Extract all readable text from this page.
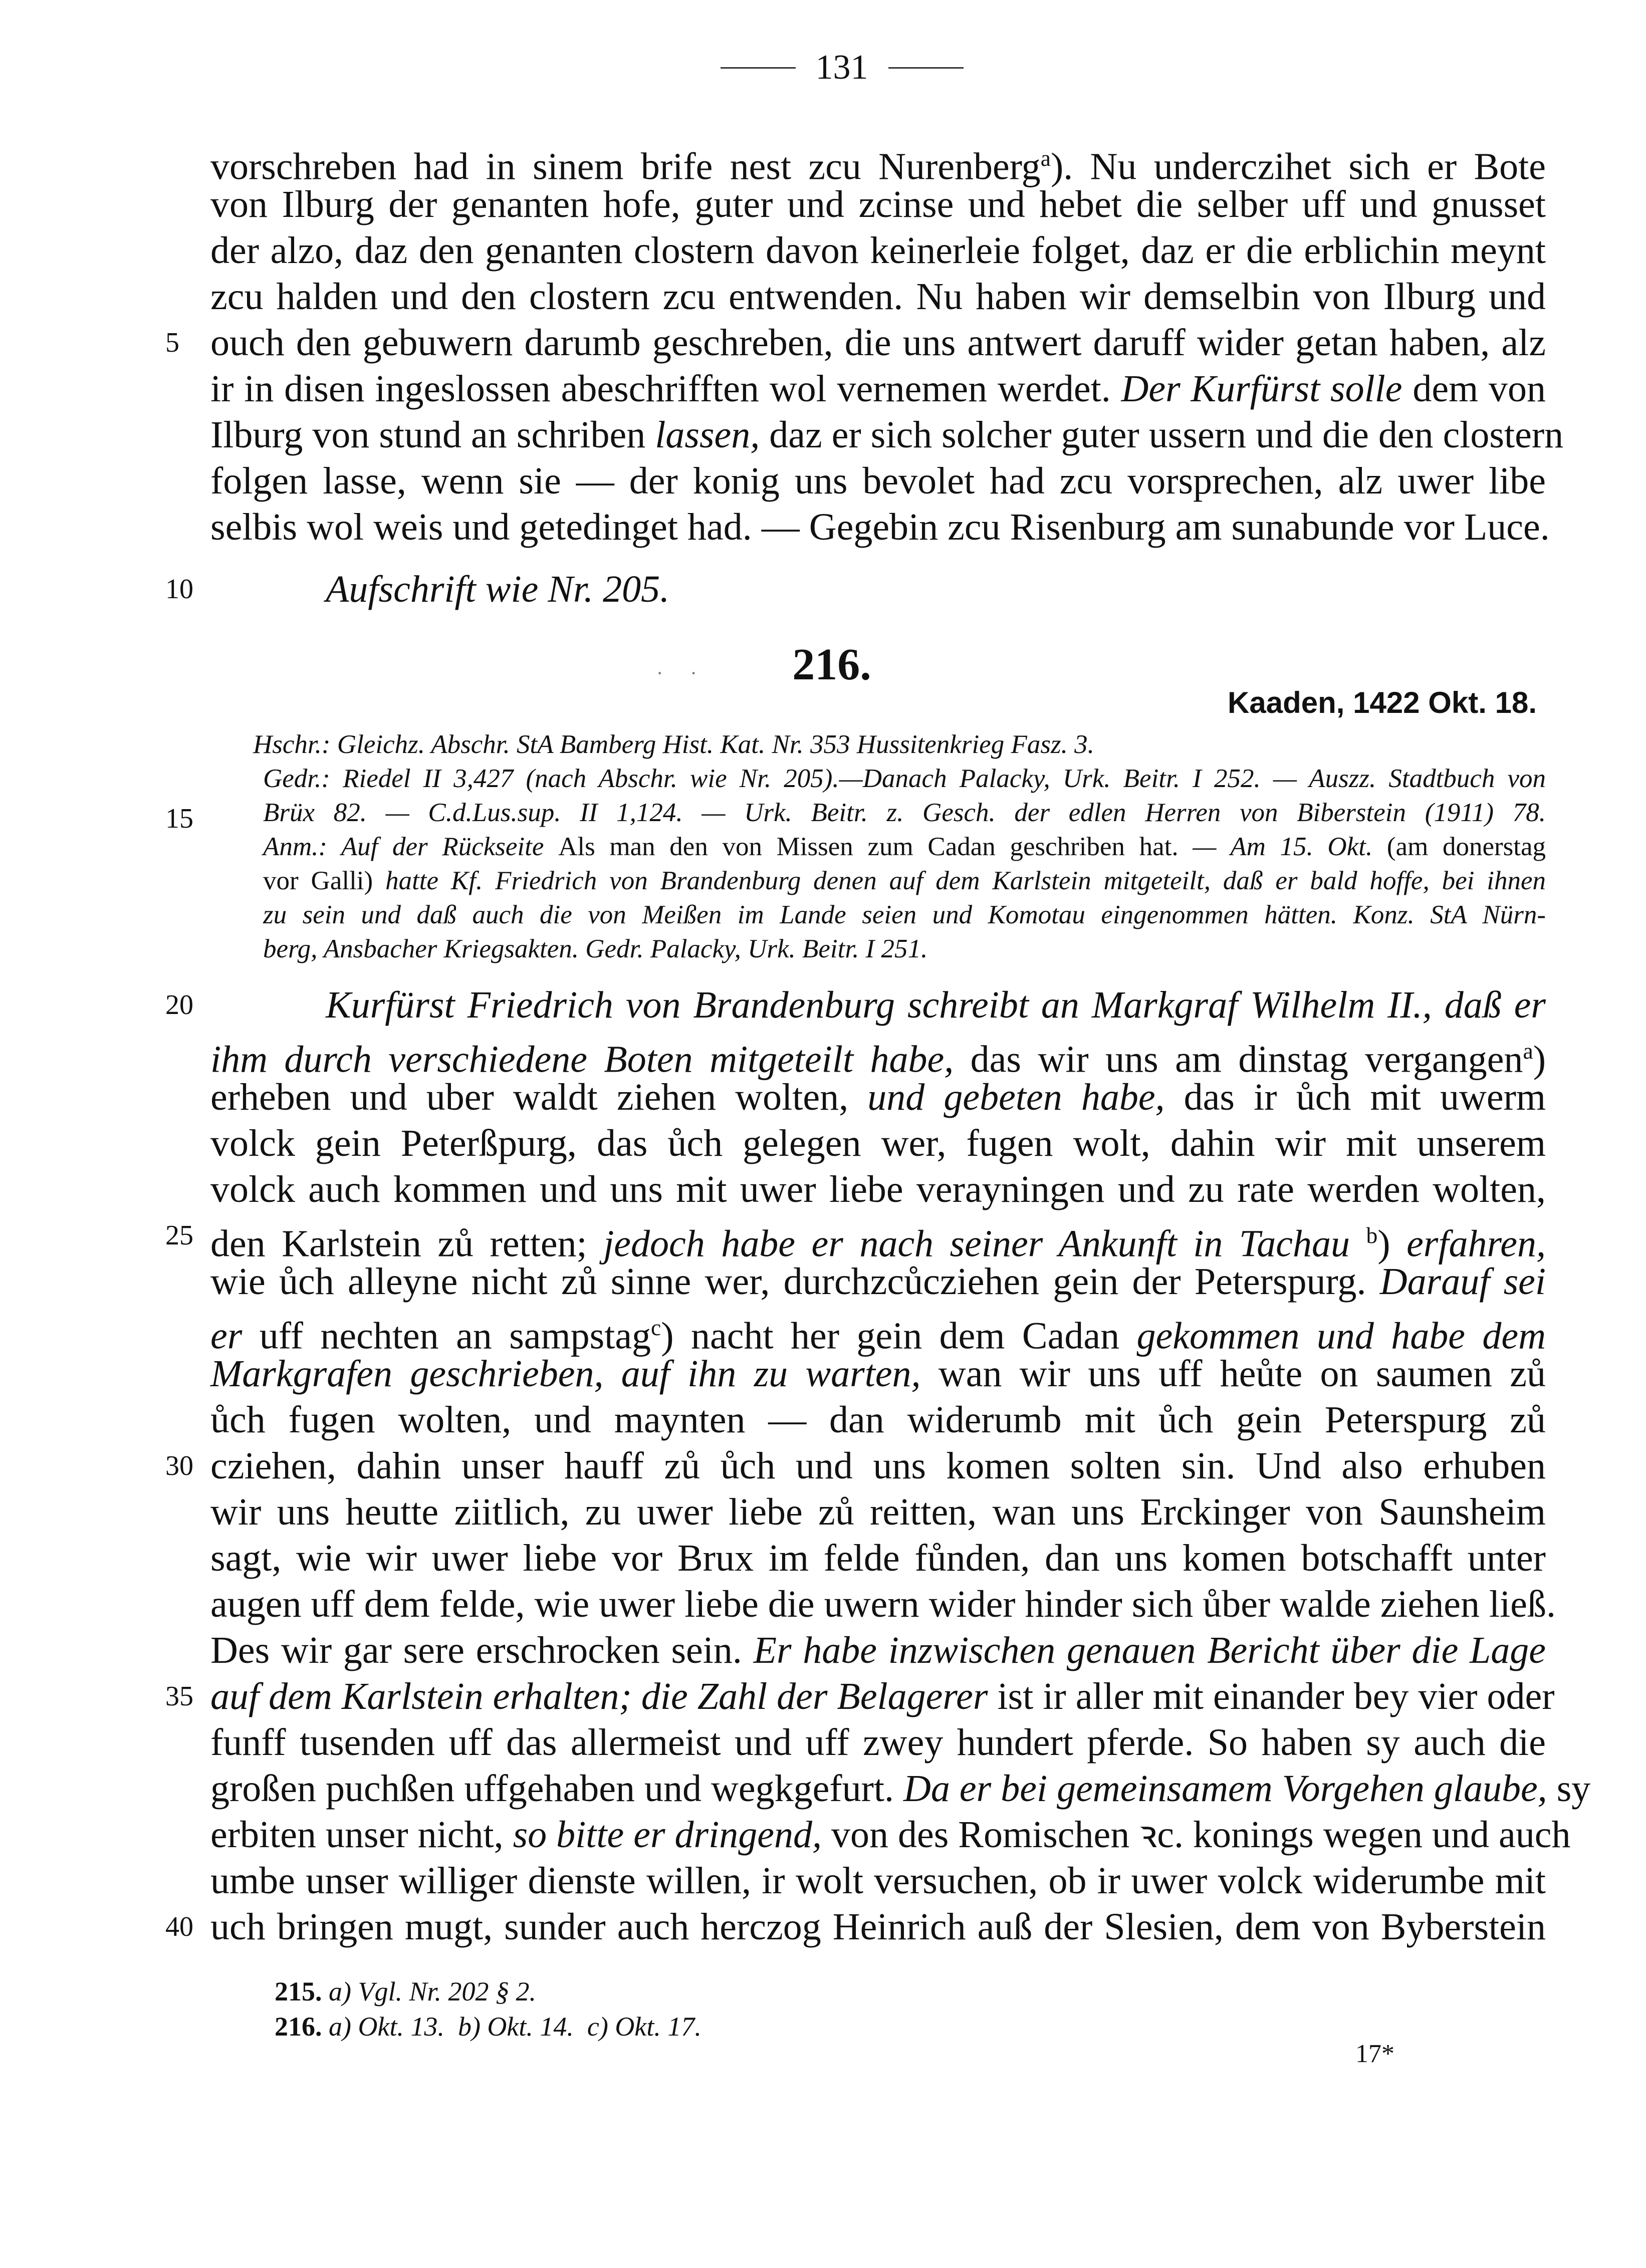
131
vorschreben had in sinem brife nest zcu Nurenberg$^a$). Nu underczihet sich er Bote
von Ilburg der genanten hofe, guter und zcinse und hebet die selber uff und gnusset
der alzo, daz den genanten clostern davon keinerleie folget, daz er die erblichin meynt
zcu halden und den clostern zcu entwenden. Nu haben wir demselbin von Ilburg und
ouch den gebuwern darumb geschreben, die uns antwert daruff wider getan haben, alz
ir in disen ingeslossen abeschrifften wol vernemen werdet. Der Kurfürst solle dem von
Ilburg von stund an schriben lassen, daz er sich solcher guter ussern und die den clostern
folgen lasse, wenn sie — der konig uns bevolet had zcu vorsprechen, alz uwer libe
selbis wol weis und getedinget had. — Gegebin zcu Risenburg am sunabunde vor Luce.
Aufschrift wie Nr. 205.
5
10
15
20
25
30
35
40
· ·	216.
Kaaden, 1422 Okt. 18.
Hschr.: Gleichz. Abschr. StA Bamberg Hist. Kat. Nr. 353 Hussitenkrieg Fasz. 3.
Gedr.: Riedel II 3,427 (nach Abschr. wie Nr. 205).—Danach Palacky, Urk. Beitr. I 252. — Auszz. Stadtbuch von
Brüx 82. — C.d.Lus.sup. II 1,124. — Urk. Beitr. z. Gesch. der edlen Herren von Biberstein (1911) 78.
Anm.: Auf der Rückseite Als man den von Missen zum Cadan geschriben hat. — Am 15. Okt. (am donerstag
vor Galli) hatte Kf. Friedrich von Brandenburg denen auf dem Karlstein mitgeteilt, daß er bald hoffe, bei ihnen
zu sein und daß auch die von Meißen im Lande seien und Komotau eingenommen hätten. Konz. StA Nürn-
berg, Ansbacher Kriegsakten. Gedr. Palacky, Urk. Beitr. I 251.
Kurfürst Friedrich von Brandenburg schreibt an Markgraf Wilhelm II., daß er
ihm durch verschiedene Boten mitgeteilt habe, das wir uns am dinstag vergangen$^a$)
erheben und uber waldt ziehen wolten, und gebeten habe, das ir ůch mit uwerm
volck gein Peterßpurg, das ůch gelegen wer, fugen wolt, dahin wir mit unserem
volck auch kommen und uns mit uwer liebe verayningen und zu rate werden wolten,
den Karlstein zů retten; jedoch habe er nach seiner Ankunft in Tachau $^b$) erfahren,
wie ůch alleyne nicht zů sinne wer, durchzcůcziehen gein der Peterspurg. Darauf sei
er uff nechten an sampstag$^c$) nacht her gein dem Cadan gekommen und habe dem
Markgrafen geschrieben, auf ihn zu warten, wan wir uns uff heůte on saumen zů
ůch fugen wolten, und maynten — dan widerumb mit ůch gein Peterspurg zů
cziehen, dahin unser hauff zů ůch und uns komen solten sin. Und also erhuben
wir uns heutte ziitlich, zu uwer liebe zů reitten, wan uns Erckinger von Saunsheim
sagt, wie wir uwer liebe vor Brux im felde fůnden, dan uns komen botschafft unter
augen uff dem felde, wie uwer liebe die uwern wider hinder sich ůber walde ziehen ließ.
Des wir gar sere erschrocken sein. Er habe inzwischen genauen Bericht über die Lage
auf dem Karlstein erhalten; die Zahl der Belagerer ist ir aller mit einander bey vier oder
funff tusenden uff das allermeist und uff zwey hundert pferde. So haben sy auch die
großen puchßen uffgehaben und wegkgefurt. Da er bei gemeinsamem Vorgehen glaube, sy
erbiten unser nicht, so bitte er dringend, von des Romischen ꝛc. konings wegen und auch
umbe unser williger dienste willen, ir wolt versuchen, ob ir uwer volck widerumbe mit
uch bringen mugt, sunder auch herczog Heinrich auß der Slesien, dem von Byberstein
215. a) Vgl. Nr. 202 § 2.
216. a) Okt. 13.  b) Okt. 14.  c) Okt. 17.
17*
